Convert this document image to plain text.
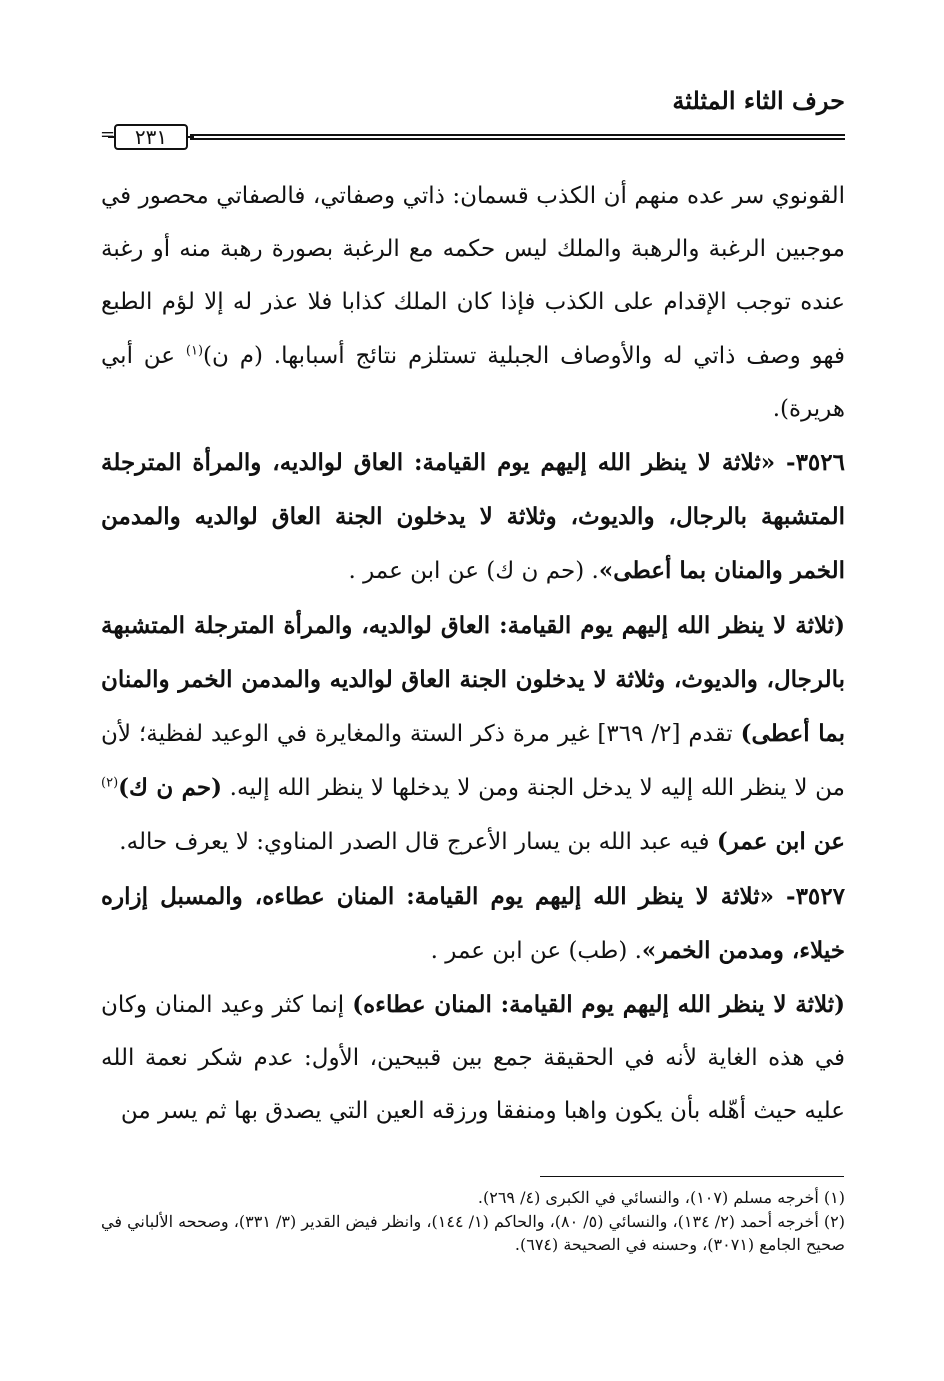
حرف الثاء المثلثة
٢٣١
=

القونوي سر عده منهم أن الكذب قسمان: ذاتي وصفاتي، فالصفاتي محصور في موجبين الرغبة والرهبة والملك ليس حكمه مع الرغبة بصورة رهبة منه أو رغبة عنده توجب الإقدام على الكذب فإذا كان الملك كذابا فلا عذر له إلا لؤم الطبع فهو وصف ذاتي له والأوصاف الجبلية تستلزم نتائج أسبابها. (م ن)$^{(١)}$ عن أبي هريرة).

٣٥٢٦- «ثلاثة لا ينظر الله إليهم يوم القيامة: العاق لوالديه، والمرأة المترجلة المتشبهة بالرجال، والديوث، وثلاثة لا يدخلون الجنة العاق لوالديه والمدمن الخمر والمنان بما أعطى». (حم ن ك) عن ابن عمر .

(ثلاثة لا ينظر الله إليهم يوم القيامة: العاق لوالديه، والمرأة المترجلة المتشبهة بالرجال، والديوث، وثلاثة لا يدخلون الجنة العاق لوالديه والمدمن الخمر والمنان بما أعطى) تقدم [٢/ ٣٦٩] غير مرة ذكر الستة والمغايرة في الوعيد لفظية؛ لأن من لا ينظر الله إليه لا يدخل الجنة ومن لا يدخلها لا ينظر الله إليه. (حم ن ك)$^{(٢)}$ عن ابن عمر) فيه عبد الله بن يسار الأعرج قال الصدر المناوي: لا يعرف حاله.

٣٥٢٧- «ثلاثة لا ينظر الله إليهم يوم القيامة: المنان عطاءه، والمسبل إزاره خيلاء، ومدمن الخمر». (طب) عن ابن عمر .

(ثلاثة لا ينظر الله إليهم يوم القيامة: المنان عطاءه) إنما كثر وعيد المنان وكان في هذه الغاية لأنه في الحقيقة جمع بين قبيحين، الأول: عدم شكر نعمة الله عليه حيث أهّله بأن يكون واهبا ومنفقا ورزقه العين التي يصدق بها ثم يسر من

(١) أخرجه مسلم (١٠٧)، والنسائي في الكبرى (٤/ ٢٦٩).

(٢) أخرجه أحمد (٢/ ١٣٤)، والنسائي (٥/ ٨٠)، والحاكم (١/ ١٤٤)، وانظر فيض القدير (٣/ ٣٣١)، وصححه الألباني في صحيح الجامع (٣٠٧١)، وحسنه في الصحيحة (٦٧٤).
